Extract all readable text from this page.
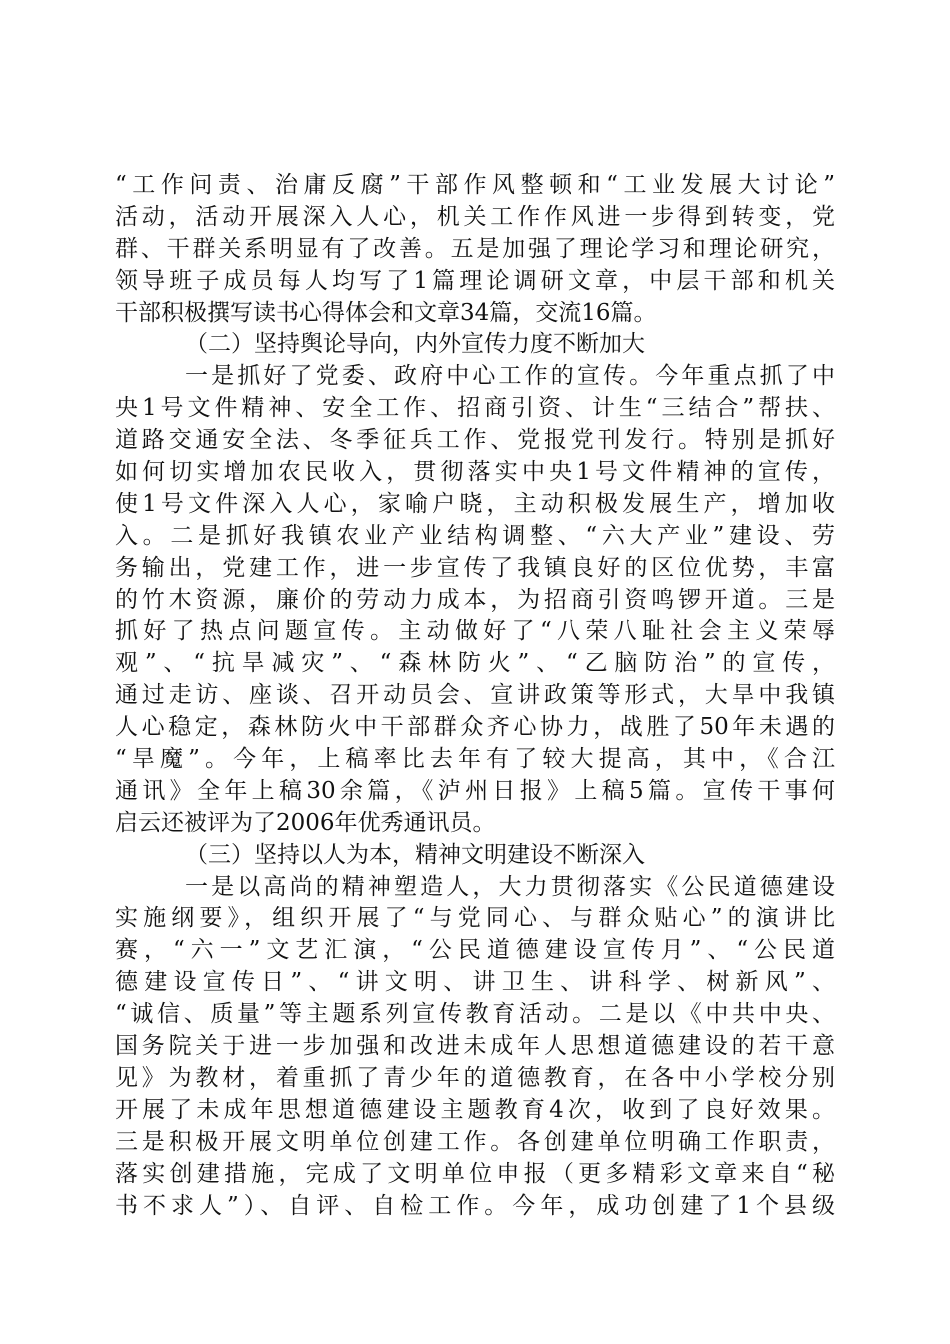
“工作问责、治庸反腐”干部作风整顿和“工业发展大讨论”
活动，活动开展深入人心，机关工作作风进一步得到转变，党
群、干群关系明显有了改善。五是加强了理论学习和理论研究，
领导班子成员每人均写了1篇理论调研文章，中层干部和机关
干部积极撰写读书心得体会和文章34篇，交流16篇。
（二）坚持舆论导向，内外宣传力度不断加大
一是抓好了党委、政府中心工作的宣传。今年重点抓了中
央1号文件精神、安全工作、招商引资、计生“三结合”帮扶、
道路交通安全法、冬季征兵工作、党报党刊发行。特别是抓好
如何切实增加农民收入，贯彻落实中央1号文件精神的宣传，
使1号文件深入人心，家喻户晓，主动积极发展生产，增加收
入。二是抓好我镇农业产业结构调整、“六大产业”建设、劳
务输出，党建工作，进一步宣传了我镇良好的区位优势，丰富
的竹木资源，廉价的劳动力成本，为招商引资鸣锣开道。三是
抓好了热点问题宣传。主动做好了“八荣八耻社会主义荣辱
观”、“抗旱减灾”、“森林防火”、“乙脑防治”的宣传，
通过走访、座谈、召开动员会、宣讲政策等形式，大旱中我镇
人心稳定，森林防火中干部群众齐心协力，战胜了50年未遇的
“旱魔”。今年，上稿率比去年有了较大提高，其中，《合江
通讯》全年上稿30余篇，《泸州日报》上稿5篇。宣传干事何
启云还被评为了2006年优秀通讯员。
（三）坚持以人为本，精神文明建设不断深入
一是以高尚的精神塑造人，大力贯彻落实《公民道德建设
实施纲要》，组织开展了“与党同心、与群众贴心”的演讲比
赛，“六一”文艺汇演，“公民道德建设宣传月”、“公民道
德建设宣传日”、“讲文明、讲卫生、讲科学、树新风”、
“诚信、质量”等主题系列宣传教育活动。二是以《中共中央、
国务院关于进一步加强和改进未成年人思想道德建设的若干意
见》为教材，着重抓了青少年的道德教育，在各中小学校分别
开展了未成年思想道德建设主题教育4次，收到了良好效果。
三是积极开展文明单位创建工作。各创建单位明确工作职责，
落实创建措施，完成了文明单位申报（更多精彩文章来自“秘
书不求人”）、自评、自检工作。今年，成功创建了1个县级
